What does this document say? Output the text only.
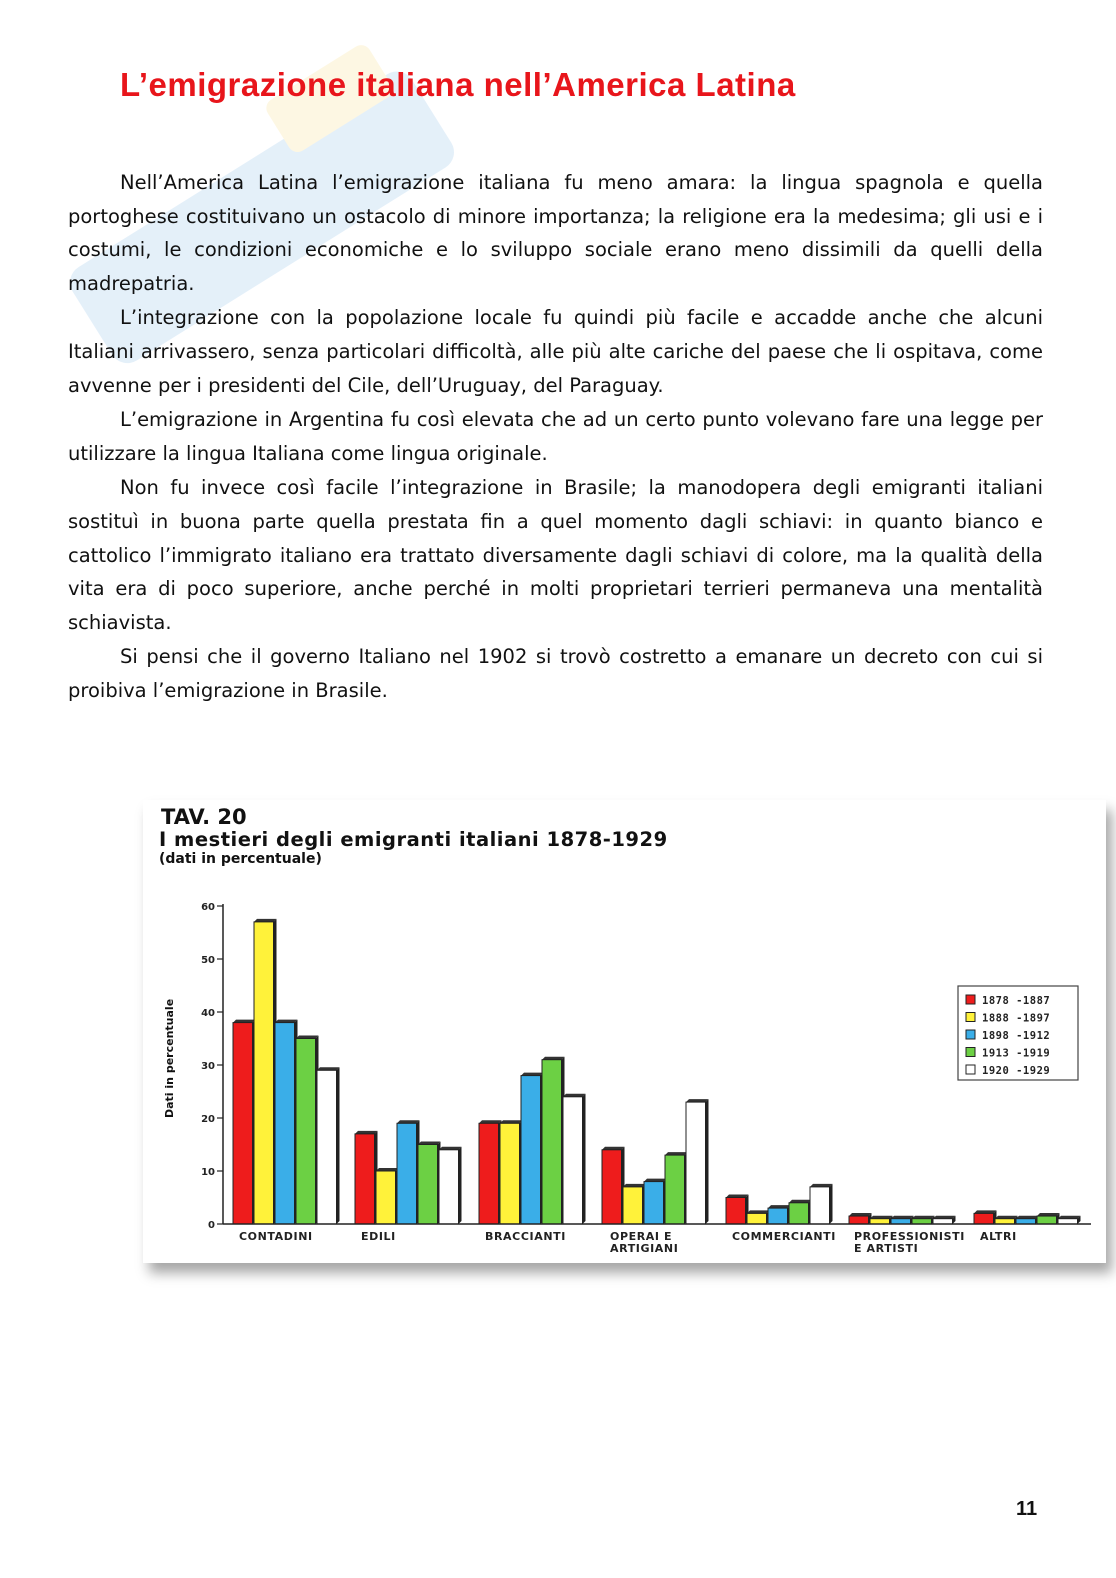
L’emigrazione italiana nell’America Latina

Nell’America Latina l’emigrazione italiana fu meno amara: la lingua spagnola e quella portoghese costituivano un ostacolo di minore importanza; la religione era la medesima; gli usi e i costumi, le condizioni economiche e lo sviluppo sociale erano meno dissimili da quelli della madrepatria.

L’integrazione con la popolazione locale fu quindi più facile e accadde anche che alcuni Italiani arrivassero, senza particolari difficoltà, alle più alte cariche del paese che li ospitava, come avvenne per i presidenti del Cile, dell’Uruguay, del Paraguay.

L’emigrazione in Argentina fu così elevata che ad un certo punto volevano fare una legge per utilizzare la lingua Italiana come lingua originale.

Non fu invece così facile l’integrazione in Brasile; la manodopera degli emigranti italiani sostituì in buona parte quella prestata fin a quel momento dagli schiavi: in quanto bianco e cattolico l’immigrato italiano era trattato diversamente dagli schiavi di colore, ma la qualità della vita era di poco superiore, anche perché in molti proprietari terrieri permaneva una mentalità schiavista.

Si pensi che il governo Italiano nel 1902 si trovò costretto a emanare un decreto con cui si proibiva l’emigrazione in Brasile.

TAV. 20
I mestieri degli emigranti italiani 1878-1929
(dati in percentuale)
Dati in percentuale
0
10
20
30
40
50
60
CONTADINI	EDILI	BRACCIANTI	OPERAI E
ARTIGIANI
COMMERCIANTI PROFESSIONISTI
E ARTISTI
ALTRI
1878 -1887
1888 -1897
1898 -1912
1913 -1919
1920 -1929
11
